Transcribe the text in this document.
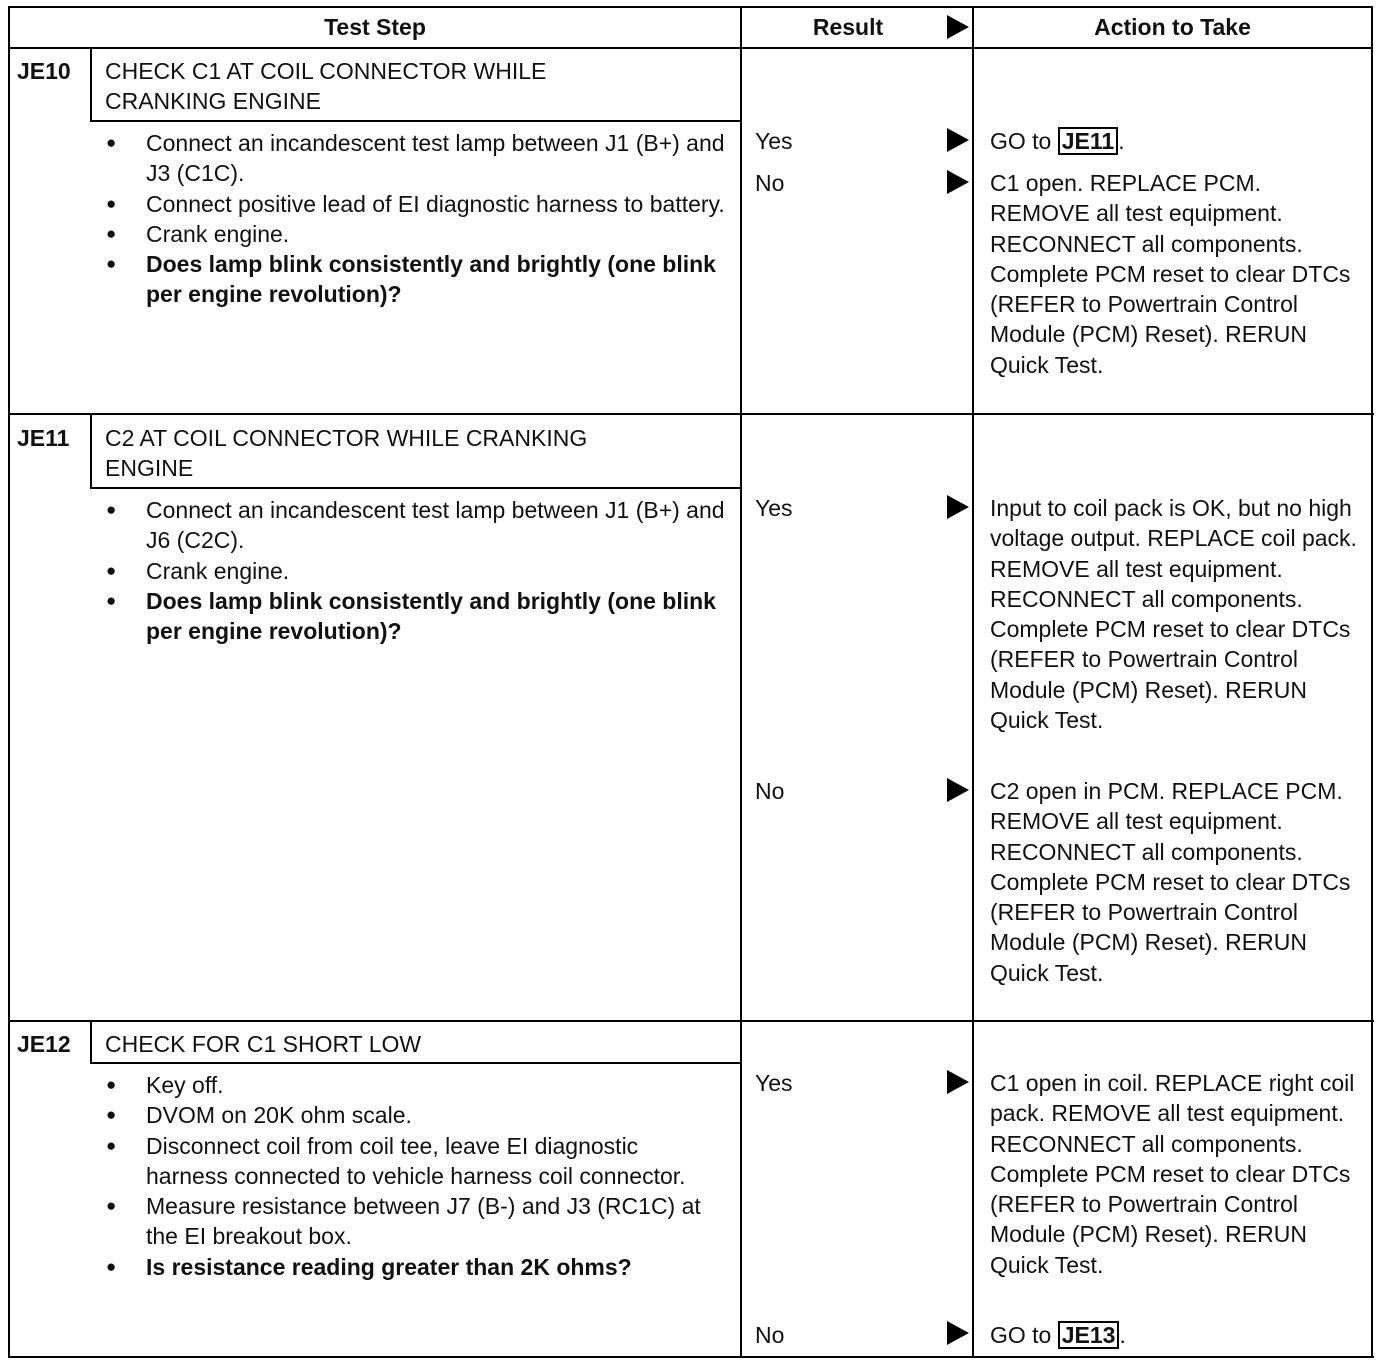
Test Step	Result	Action to Take
JE10 CHECK C1 AT COIL CONNECTOR WHILE CRANKING ENGINE
● Connect an incandescent test lamp between J1 (B+) and J3 (C1C).
● Connect positive lead of EI diagnostic harness to battery.
● Crank engine.
● Does lamp blink consistently and brightly (one blink per engine revolution)?
Yes	GO to JE11 .
No	C1 open. REPLACE PCM. REMOVE all test equipment. RECONNECT all components. Complete PCM reset to clear DTCs (REFER to Powertrain Control Module (PCM) Reset). RERUN Quick Test.
JE11 C2 AT COIL CONNECTOR WHILE CRANKING ENGINE
● Connect an incandescent test lamp between J1 (B+) and J6 (C2C).
● Crank engine.
● Does lamp blink consistently and brightly (one blink per engine revolution)?
Yes	Input to coil pack is OK, but no high voltage output. REPLACE coil pack. REMOVE all test equipment. RECONNECT all components. Complete PCM reset to clear DTCs (REFER to Powertrain Control Module (PCM) Reset). RERUN Quick Test.
No	C2 open in PCM. REPLACE PCM. REMOVE all test equipment. RECONNECT all components. Complete PCM reset to clear DTCs (REFER to Powertrain Control Module (PCM) Reset). RERUN Quick Test.
JE12 CHECK FOR C1 SHORT LOW
● Key off.
● DVOM on 20K ohm scale.
● Disconnect coil from coil tee, leave EI diagnostic harness connected to vehicle harness coil connector.
● Measure resistance between J7 (B-) and J3 (RC1C) at the EI breakout box.
● Is resistance reading greater than 2K ohms?
Yes	C1 open in coil. REPLACE right coil pack. REMOVE all test equipment. RECONNECT all components. Complete PCM reset to clear DTCs (REFER to Powertrain Control Module (PCM) Reset). RERUN Quick Test.
No	GO to JE13 .
